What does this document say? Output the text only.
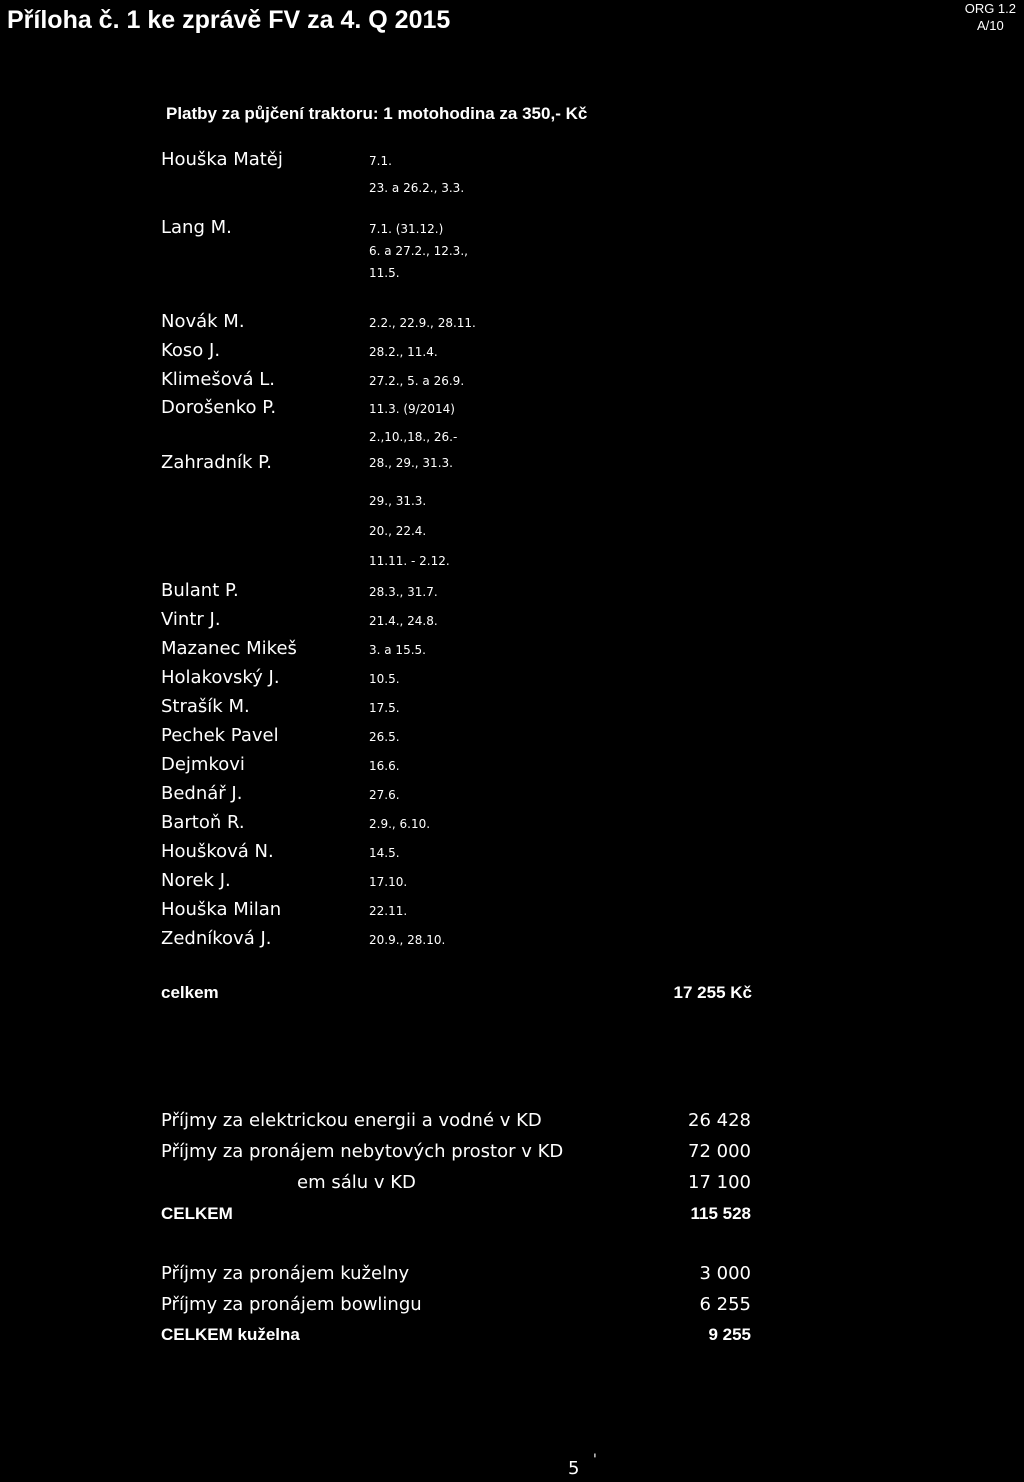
Příloha č. 1 ke zprávě FV za 4. Q 2015	ORG 1.2
A/10
Platby za půjčení traktoru: 1 motohodina za 350,- Kč
Houška Matěj	7.1.
23. a 26.2., 3.3.
Lang M.	7.1. (31.12.)
6. a 27.2., 12.3.,
11.5.
Novák M.	2.2., 22.9., 28.11.
Koso J.	28.2., 11.4.
Klimešová L.	27.2., 5. a 26.9.
Dorošenko P.	11.3. (9/2014)
2.,10.,18., 26.-
Zahradník P.	28., 29., 31.3.
29., 31.3.
20., 22.4.
11.11. - 2.12.
Bulant P.	28.3., 31.7.
Vintr J.	21.4., 24.8.
Mazanec Mikeš	3. a 15.5.
Holakovský J.	10.5.
Strašík M.	17.5.
Pechek Pavel	26.5.
Dejmkovi	16.6.
Bednář J.	27.6.
Bartoň R.	2.9., 6.10.
Houšková N.	14.5.
Norek J.	17.10.
Houška Milan	22.11.
Zedníková J.	20.9., 28.10.
celkem	17 255 Kč
Příjmy za elektrickou energii a vodné v KD	26 428
Příjmy za pronájem nebytových prostor v KD	72 000
em sálu v KD	17 100
CELKEM	115 528
Příjmy za pronájem kuželny	3 000
Příjmy za pronájem bowlingu	6 255
CELKEM kuželna	9 255
5 '
